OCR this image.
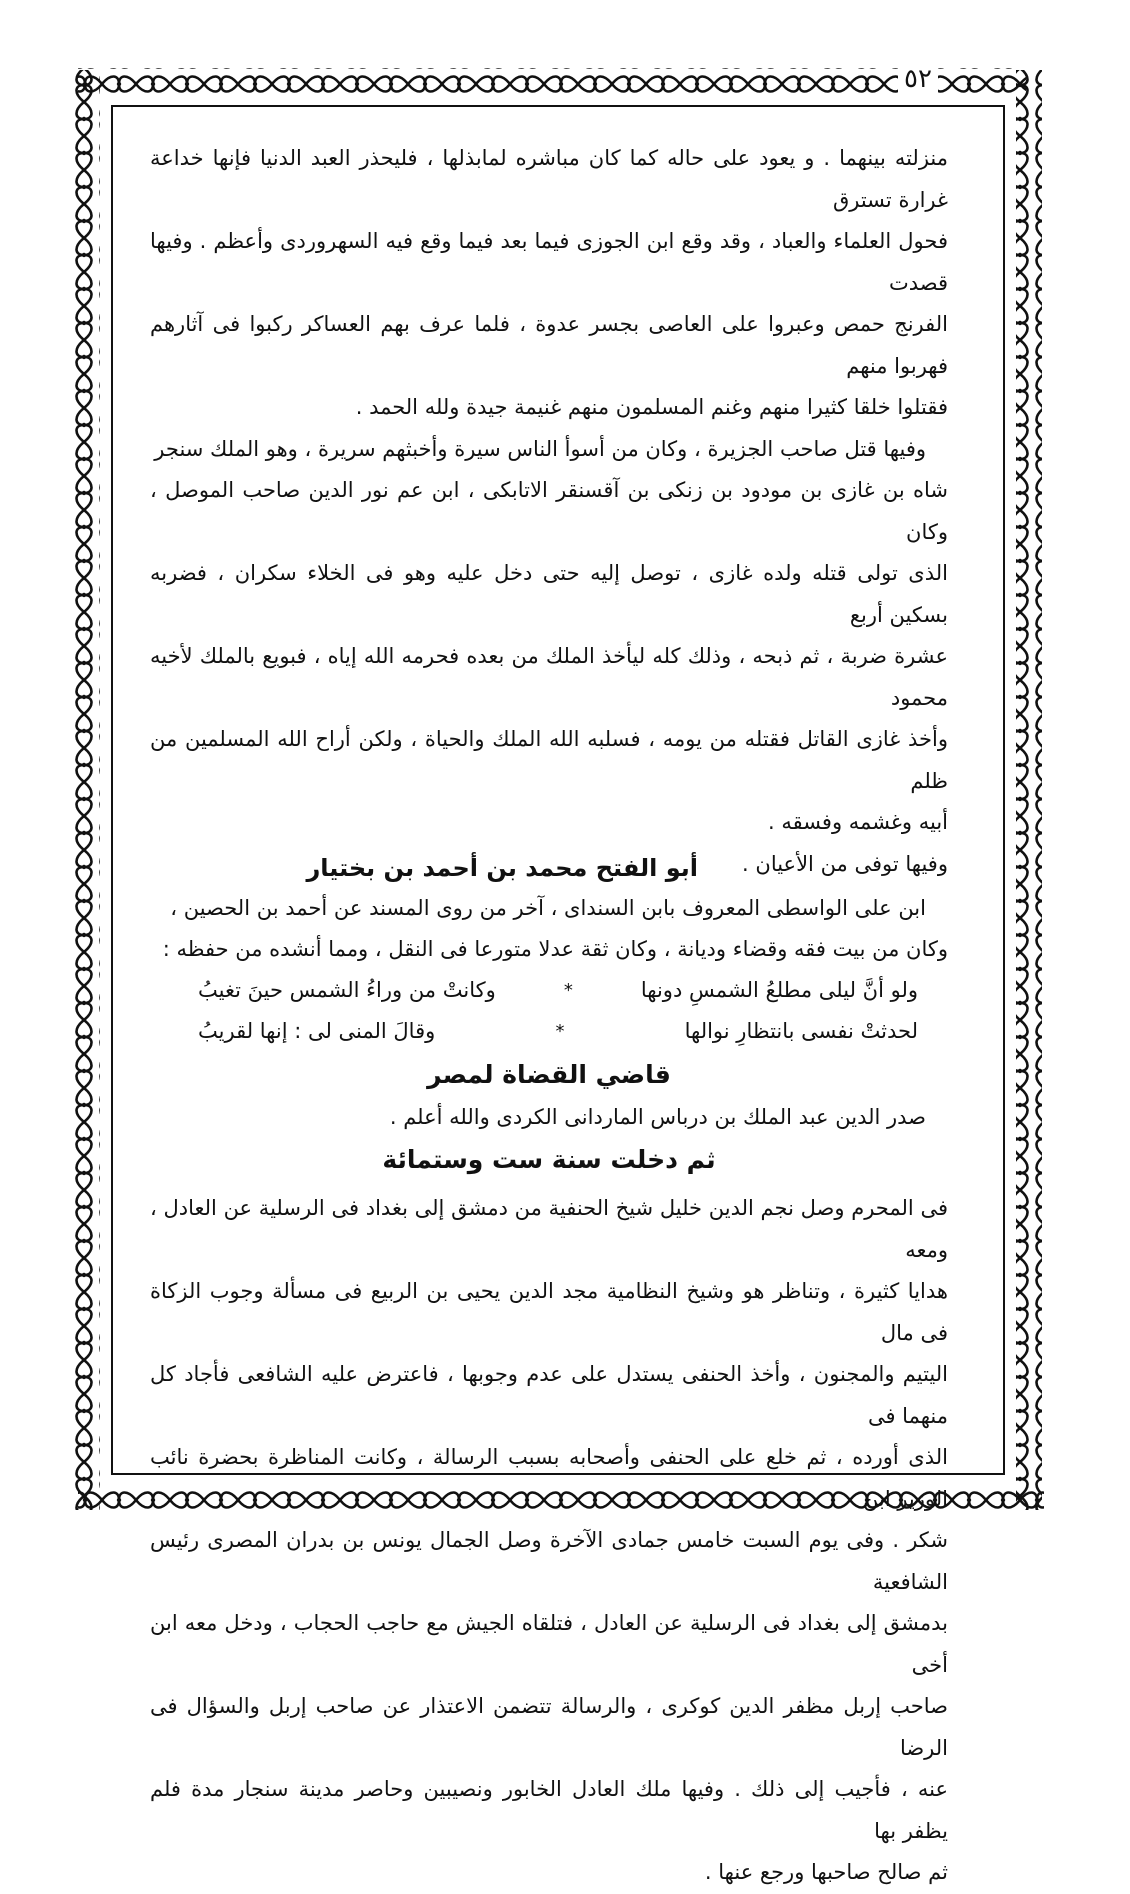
٥٢
منزلته بينهما . و يعود على حاله كما كان مباشره لمابذلها ، فليحذر العبد الدنيا فإنها خداعة غرارة تسترق
فحول العلماء والعباد ، وقد وقع ابن الجوزى فيما بعد فيما وقع فيه السهروردى وأعظم . وفيها قصدت
الفرنج حمص وعبروا على العاصى بجسر عدوة ، فلما عرف بهم العساكر ركبوا فى آثارهم فهربوا منهم
فقتلوا خلقا كثيرا منهم وغنم المسلمون منهم غنيمة جيدة ولله الحمد .
وفيها قتل صاحب الجزيرة ، وكان من أسوأ الناس سيرة وأخبثهم سريرة ، وهو الملك سنجر
شاه بن غازى بن مودود بن زنكى بن آقسنقر الاتابكى ، ابن عم نور الدين صاحب الموصل ، وكان
الذى تولى قتله ولده غازى ، توصل إليه حتى دخل عليه وهو فى الخلاء سكران ، فضربه بسكين أربع
عشرة ضربة ، ثم ذبحه ، وذلك كله ليأخذ الملك من بعده فحرمه الله إياه ، فبويع بالملك لأخيه محمود
وأخذ غازى القاتل فقتله من يومه ، فسلبه الله الملك والحياة ، ولكن أراح الله المسلمين من ظلم
أبيه وغشمه وفسقه .
وفيها توفى من الأعيان .
أبو الفتح محمد بن أحمد بن بختيار
ابن على الواسطى المعروف بابن السنداى ، آخر من روى المسند عن أحمد بن الحصين ،
وكان من بيت فقه وقضاء وديانة ، وكان ثقة عدلا متورعا فى النقل ، ومما أنشده من حفظه :
ولو أنَّ ليلى مطلعُ الشمسِ دونها
*
وكانتْ من وراءُ الشمس حينَ تغيبُ
لحدثتْ نفسى بانتظارِ نوالها
*
وقالَ المنى لى : إنها لقريبُ
قاضي القضاة لمصر
صدر الدين عبد الملك بن درباس الماردانى الكردى والله أعلم .
ثم دخلت سنة ست وستمائة
فى المحرم وصل نجم الدين خليل شيخ الحنفية من دمشق إلى بغداد فى الرسلية عن العادل ، ومعه
هدايا كثيرة ، وتناظر هو وشيخ النظامية مجد الدين يحيى بن الربيع فى مسألة وجوب الزكاة فى مال
اليتيم والمجنون ، وأخذ الحنفى يستدل على عدم وجوبها ، فاعترض عليه الشافعى فأجاد كل منهما فى
الذى أورده ، ثم خلع على الحنفى وأصحابه بسبب الرسالة ، وكانت المناظرة بحضرة نائب الوزير ابن
شكر . وفى يوم السبت خامس جمادى الآخرة وصل الجمال يونس بن بدران المصرى رئيس الشافعية
بدمشق إلى بغداد فى الرسلية عن العادل ، فتلقاه الجيش مع حاجب الحجاب ، ودخل معه ابن أخى
صاحب إربل مظفر الدين كوكرى ، والرسالة تتضمن الاعتذار عن صاحب إربل والسؤال فى الرضا
عنه ، فأجيب إلى ذلك . وفيها ملك العادل الخابور ونصيبين وحاصر مدينة سنجار مدة فلم يظفر بها
ثم صالح صاحبها ورجع عنها .
